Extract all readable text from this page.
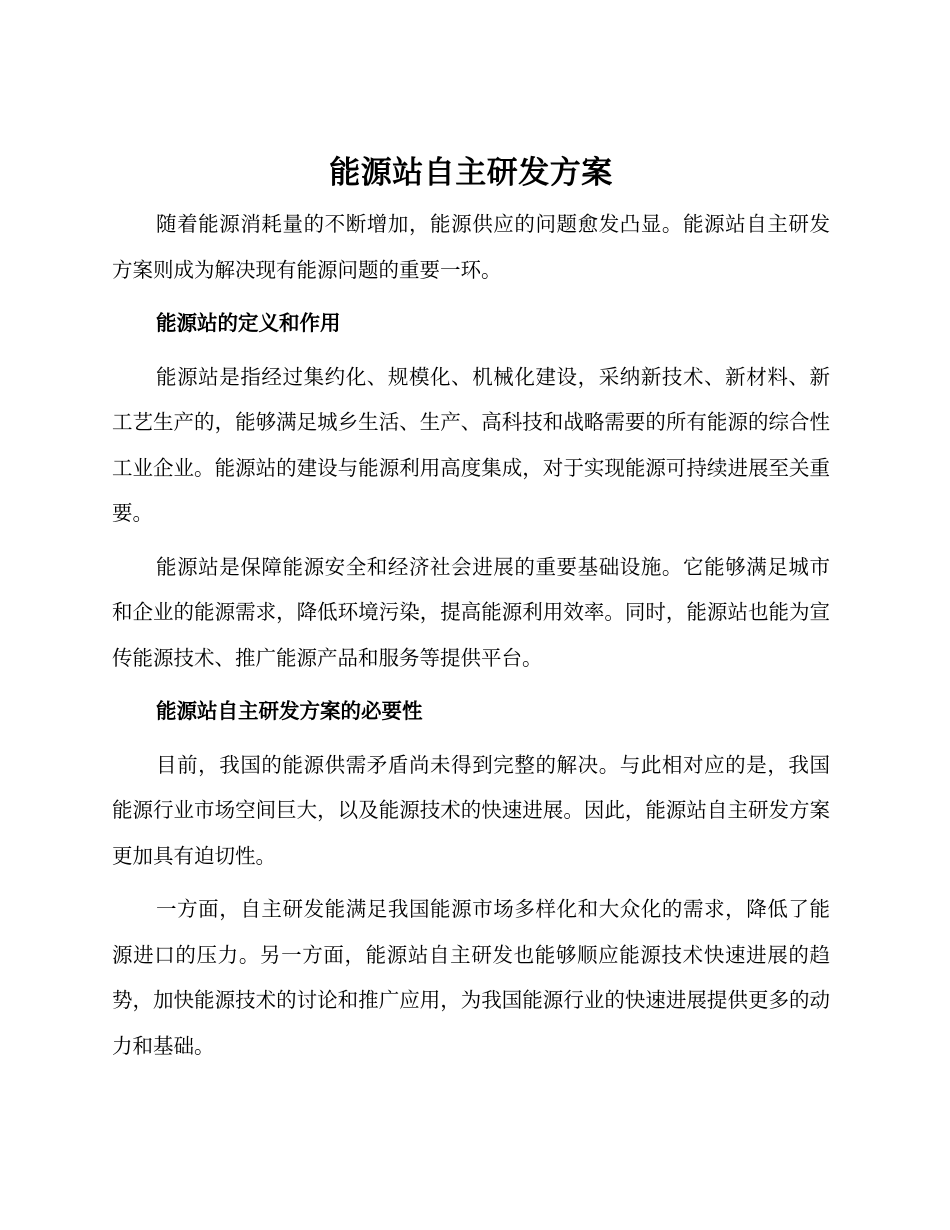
能源站自主研发方案

随着能源消耗量的不断增加，能源供应的问题愈发凸显。能源站自主研发方案则成为解决现有能源问题的重要一环。

能源站的定义和作用

能源站是指经过集约化、规模化、机械化建设，采纳新技术、新材料、新工艺生产的，能够满足城乡生活、生产、高科技和战略需要的所有能源的综合性工业企业。能源站的建设与能源利用高度集成，对于实现能源可持续进展至关重要。

能源站是保障能源安全和经济社会进展的重要基础设施。它能够满足城市和企业的能源需求，降低环境污染，提高能源利用效率。同时，能源站也能为宣传能源技术、推广能源产品和服务等提供平台。

能源站自主研发方案的必要性

目前，我国的能源供需矛盾尚未得到完整的解决。与此相对应的是，我国能源行业市场空间巨大，以及能源技术的快速进展。因此，能源站自主研发方案更加具有迫切性。

一方面，自主研发能满足我国能源市场多样化和大众化的需求，降低了能源进口的压力。另一方面，能源站自主研发也能够顺应能源技术快速进展的趋势，加快能源技术的讨论和推广应用，为我国能源行业的快速进展提供更多的动力和基础。
